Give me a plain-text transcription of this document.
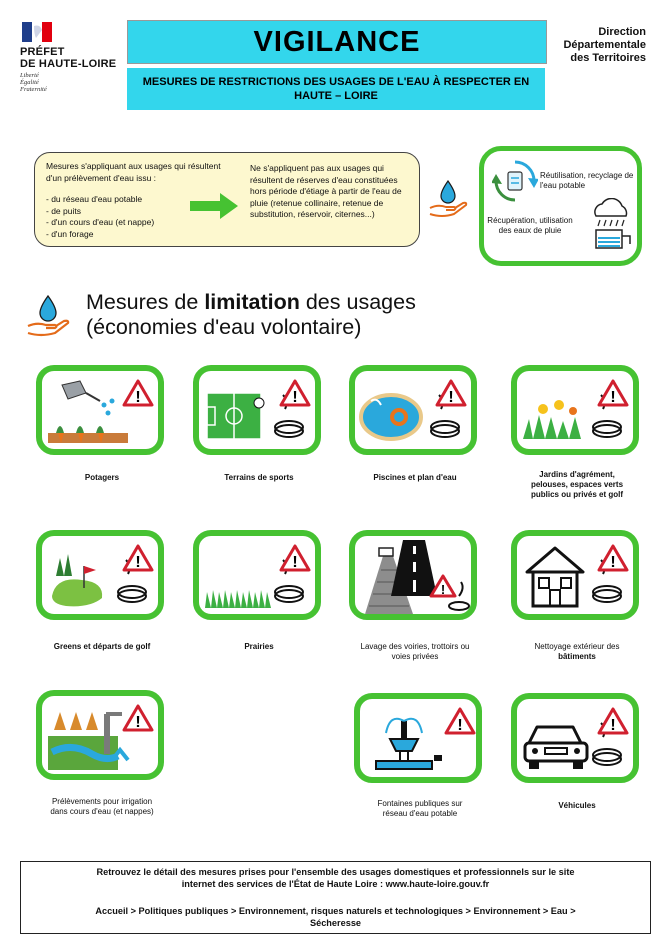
PRÉFET
DE HAUTE-LOIRE
Liberté
Égalité
Fraternité
VIGILANCE
MESURES DE RESTRICTIONS DES USAGES DE L'EAU À RESPECTER EN HAUTE – LOIRE
Direction
Départementale
des Territoires
Mesures s'appliquant aux usages qui résultent d'un prélèvement d'eau issu :
- du réseau d'eau potable
- de puits
- d'un cours d'eau (et nappe)
- d'un forage
Ne s'appliquent pas aux usages qui résultent de réserves d'eau constituées hors période d'étiage à partir de l'eau de pluie (retenue collinaire, retenue de substitution, réservoir, citernes...)
Réutilisation, recyclage de l'eau potable
Récupération, utilisation des eaux de pluie
Mesures de limitation des usages
(économies d'eau volontaire)
!
Potagers
!
Terrains de sports
!
Piscines et plan d'eau
!
Jardins d'agrément,
pelouses, espaces verts
publics ou privés et golf
!
Greens et départs de golf
!
Prairies
!
Lavage des voiries, trottoirs ou
voies privées
!
Nettoyage extérieur des
bâtiments
!
Prélèvements pour irrigation
dans cours d'eau (et nappes)
!
Fontaines publiques sur
réseau d'eau potable
!
Véhicules
Retrouvez le détail des mesures prises pour l'ensemble des usages domestiques et professionnels sur le site
internet des services de l'État de Haute Loire : www.haute-loire.gouv.fr
Accueil > Politiques publiques > Environnement, risques naturels et technologiques > Environnement > Eau >
Sécheresse
